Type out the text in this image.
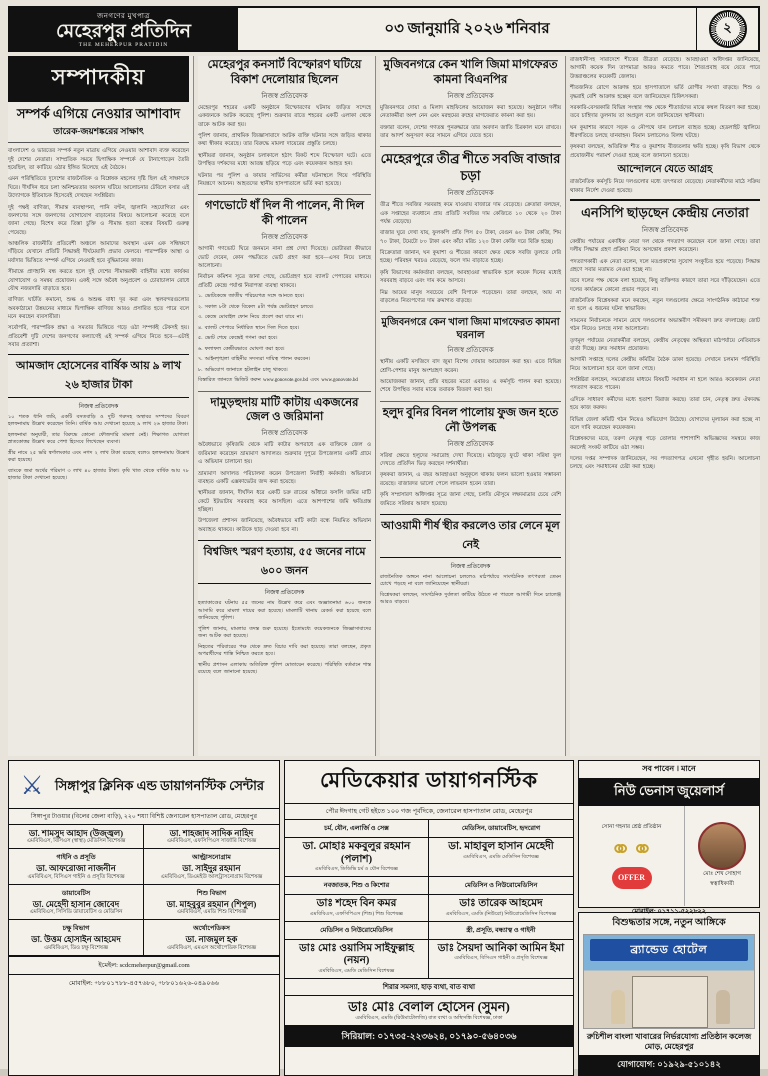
জনগণের মুখপাত্র
মেহেরপুর প্রতিদিন
THE MEHERPUR PRATIDIN
০৩ জানুয়ারি ২০২৬ শনিবার	২
সম্পাদকীয়
সম্পর্ক এগিয়ে নেওয়ার আশাবাদ
তারেক-জয়শঙ্করের সাক্ষাৎ

বাংলাদেশ ও ভারতের সম্পর্ক নতুন মাত্রায় এগিয়ে নেওয়ার আশাবাদ ব্যক্ত করেছেন দুই দেশের নেতারা। সাম্প্রতিক সময়ে দ্বিপাক্ষিক সম্পর্কে যে টানাপোড়েন তৈরি হয়েছিল, তা কাটিয়ে ওঠার ইঙ্গিত মিলেছে এই বৈঠকে।

এমন পরিস্থিতিতে দুদেশের রাজনৈতিক ও বিশ্লেষক মহলের দৃষ্টি ছিল এই সাক্ষাৎকে ঘিরে। দীর্ঘদিন ধরে চলা অনিশ্চয়তার অবসান ঘটিয়ে আলোচনার টেবিলে বসার এই উদ্যোগকে ইতিবাচক হিসেবেই দেখছেন সংশ্লিষ্টরা।

দুই পক্ষই বাণিজ্য, সীমান্ত ব্যবস্থাপনা, পানি বণ্টন, জ্বালানি সহযোগিতা এবং জনগণের সঙ্গে জনগণের যোগাযোগ বাড়ানোর বিষয়ে আলোচনা করেছে বলে জানা গেছে। বিশেষ করে তিস্তা চুক্তি ও সীমান্ত হত্যা বন্ধের বিষয়টি গুরুত্ব পেয়েছে।

আঞ্চলিক রাজনীতি প্রতিবেশী অঞ্চলে আমাদের অবস্থান এমন এক সন্ধিক্ষণে দাঁড়িয়ে যেখানে প্রতিটি সিদ্ধান্তই দীর্ঘমেয়াদি প্রভাব ফেলবে। পারস্পরিক আস্থা ও মর্যাদার ভিত্তিতে সম্পর্ক এগিয়ে নেওয়াই হবে বুদ্ধিমানের কাজ।

সীমান্তে প্রাণহানি বন্ধ করতে হলে দুই দেশের সীমান্তরক্ষী বাহিনীর মধ্যে কার্যকর যোগাযোগ ও সমন্বয় প্রয়োজন। একই সঙ্গে অবৈধ অনুপ্রবেশ ও চোরাচালান রোধে যৌথ নজরদারি বাড়াতে হবে।

বাণিজ্য ঘাটতি কমানো, শুল্ক ও অশুল্ক বাধা দূর করা এবং স্থলবন্দরগুলোর অবকাঠামো উন্নয়নের মাধ্যমে দ্বিপাক্ষিক বাণিজ্য আরও প্রসারিত হতে পারে বলে মনে করছেন ব্যবসায়ীরা।

সর্বোপরি, পারস্পরিক শ্রদ্ধা ও সমতার ভিত্তিতে গড়ে ওঠা সম্পর্কই টেকসই হয়। প্রতিবেশী দুটি দেশের জনগণের কল্যাণেই এই সম্পর্ক এগিয়ে নিতে হবে—এটাই সবার প্রত্যাশা।

আমজাদ হোসেনের বার্ষিক আয় ৯ লাখ ২৬ হাজার টাকা
নিজস্ব প্রতিবেদক

১০ শতক ধানি জমি, একটি বসতবাড়ি ও দুটি গরুসহ অস্থাবর সম্পদের বিবরণ হলফনামায় উল্লেখ করেছেন তিনি। বার্ষিক আয় দেখানো হয়েছে ৯ লাখ ২৬ হাজার টাকা।

হলফনামা অনুযায়ী, তার বিরুদ্ধে কোনো ফৌজদারি মামলা নেই। শিক্ষাগত যোগ্যতা স্নাতকোত্তর উল্লেখ করে পেশা হিসেবে লিখেছেন ব্যবসা।

স্ত্রীর নামে ২৫ ভরি স্বর্ণালংকার এবং নগদ ২ লাখ টাকা রয়েছে বলেও হলফনামায় উল্লেখ করা হয়েছে।

ব্যাংকে জমা অর্থের পরিমাণ ৩ লাখ ৪০ হাজার টাকা। কৃষি খাত থেকে বার্ষিক আয় ৭৮ হাজার টাকা দেখানো হয়েছে।

মেহেরপুর কনসার্ট বিস্ফোরণ ঘটিয়ে বিকাশ দেলোয়ার ছিলেন
নিজস্ব প্রতিবেদক

মেহেরপুর শহরের একটি অনুষ্ঠানে বিস্ফোরণের ঘটনায় জড়িত সন্দেহে একজনকে আটক করেছে পুলিশ। শুক্রবার রাতে শহরের একটি এলাকা থেকে তাকে আটক করা হয়।

পুলিশ জানায়, প্রাথমিক জিজ্ঞাসাবাদে আটক ব্যক্তি ঘটনার সঙ্গে জড়িত থাকার কথা স্বীকার করেছে। তার বিরুদ্ধে মামলা দায়েরের প্রস্তুতি চলছে।

স্থানীয়রা জানান, অনুষ্ঠান চলাকালে হঠাৎ বিকট শব্দে বিস্ফোরণ ঘটে। এতে উপস্থিত দর্শকদের মধ্যে আতঙ্ক ছড়িয়ে পড়ে এবং কয়েকজন আহত হন।

ঘটনার পর পুলিশ ও ফায়ার সার্ভিসের কর্মীরা ঘটনাস্থলে গিয়ে পরিস্থিতি নিয়ন্ত্রণে আনেন। আহতদের স্থানীয় হাসপাতালে ভর্তি করা হয়েছে।

গণভোটে ধাঁ দিল নী পালেন, নী দিল কী পালেন
নিজস্ব প্রতিবেদক

আগামী গণভোট ঘিরে জনমনে নানা প্রশ্ন দেখা দিয়েছে। ভোটাররা কীভাবে ভোট দেবেন, কোন পদ্ধতিতে ভোট গ্রহণ করা হবে—এসব নিয়ে চলছে আলোচনা।

নির্বাচন কমিশন সূত্রে জানা গেছে, ভোটগ্রহণ হবে ব্যালট পেপারের মাধ্যমে। প্রতিটি কেন্দ্রে পর্যাপ্ত নিরাপত্তা ব্যবস্থা থাকবে।

১. ভোটকেন্দ্রে জাতীয় পরিচয়পত্র সঙ্গে আনতে হবে।

২. সকাল ৮টা থেকে বিকেল ৪টা পর্যন্ত ভোটগ্রহণ চলবে।

৩. কেন্দ্রে মোবাইল ফোন নিয়ে প্রবেশ করা যাবে না।

৪. ব্যালট পেপারে নির্ধারিত স্থানে সিল দিতে হবে।

৫. ভোট শেষে কেন্দ্রেই গণনা করা হবে।

৬. ফলাফল কেন্দ্রীয়ভাবে ঘোষণা করা হবে।

৭. আইনশৃঙ্খলা বাহিনীর সদস্যরা দায়িত্ব পালন করবেন।

৮. অভিযোগ জানাতে হটলাইন চালু থাকবে।

বিস্তারিত জানতে ভিজিট করুন www.gonovote.gov.bd এবং www.gonovote.bd

দামুড়হুদায় মাটি কাটায় একজনের জেল ও জরিমানা
নিজস্ব প্রতিবেদক

অবৈধভাবে কৃষিজমি থেকে মাটি কাটার অপরাধে এক ব্যক্তিকে জেল ও জরিমানা করেছেন ভ্রাম্যমাণ আদালত। শুক্রবার দুপুরে উপজেলার একটি গ্রামে এ অভিযান চালানো হয়।

ভ্রাম্যমাণ আদালত পরিচালনা করেন উপজেলা নির্বাহী কর্মকর্তা। অভিযানে ব্যবহৃত একটি এক্সকাভেটর জব্দ করা হয়েছে।

স্থানীয়রা জানান, দীর্ঘদিন ধরে একটি চক্র রাতের আঁধারে ফসলি জমির মাটি কেটে ইটভাটায় সরবরাহ করে আসছিল। এতে আশপাশের জমি ক্ষতিগ্রস্ত হচ্ছিল।

উপজেলা প্রশাসন জানিয়েছে, অবৈধভাবে মাটি কাটা বন্ধে নিয়মিত অভিযান অব্যাহত থাকবে। কাউকে ছাড় দেওয়া হবে না।

বিশ্বজিৎ স্মরণ হত্যায়, ৫৫ জনের নামে ৬০০ জনন
নিজস্ব প্রতিবেদক

হত্যাকাণ্ডের ঘটনায় ৫৫ জনের নাম উল্লেখ করে এবং অজ্ঞাতনামা ৬০০ জনকে আসামি করে মামলা দায়ের করা হয়েছে। মামলাটি থানায় রেকর্ড করা হয়েছে বলে জানিয়েছে পুলিশ।

পুলিশ জানায়, মামলার তদন্ত শুরু হয়েছে। ইতোমধ্যে কয়েকজনকে জিজ্ঞাসাবাদের জন্য আটক করা হয়েছে।

নিহতের পরিবারের পক্ষ থেকে দ্রুত বিচার দাবি করা হয়েছে। তারা বলছেন, প্রকৃত অপরাধীদের শাস্তি নিশ্চিত করতে হবে।

স্থানীয় প্রশাসন এলাকায় অতিরিক্ত পুলিশ মোতায়েন করেছে। পরিস্থিতি বর্তমানে শান্ত রয়েছে বলে জানানো হয়েছে।

মুজিবনগরে কেন খালি জিমা মাগফেরত কামনা বিএনপির
নিজস্ব প্রতিবেদক

মুজিবনগরে দোয়া ও মিলাদ মাহফিলের আয়োজন করা হয়েছে। অনুষ্ঠানে দলীয় নেতাকর্মীরা অংশ নেন এবং মরহুমের রুহের মাগফেরাত কামনা করা হয়।

বক্তারা বলেন, দেশের গণতন্ত্র পুনরুদ্ধারে তার অবদান জাতি চিরকাল মনে রাখবে। তার আদর্শ অনুসরণ করে সামনে এগিয়ে যেতে হবে।

মেহেরপুরে তীব্র শীতে সবজি বাজার চড়া
নিজস্ব প্রতিবেদক

তীব্র শীতে সবজির সরবরাহ কমে যাওয়ায় বাজারে দাম বেড়েছে। ক্রেতারা বলছেন, এক সপ্তাহের ব্যবধানে প্রায় প্রতিটি সবজির দাম কেজিতে ১০ থেকে ২০ টাকা পর্যন্ত বেড়েছে।

বাজার ঘুরে দেখা যায়, ফুলকপি প্রতি পিস ৫০ টাকা, বেগুন ৬০ টাকা কেজি, শিম ৭০ টাকা, টমেটো ৮০ টাকা এবং কাঁচা মরিচ ১২০ টাকা কেজি দরে বিক্রি হচ্ছে।

বিক্রেতারা জানান, ঘন কুয়াশা ও শীতের কারণে ক্ষেত থেকে সবজি তুলতে দেরি হচ্ছে। পরিবহন খরচও বেড়েছে, ফলে দাম বাড়াতে হচ্ছে।

কৃষি বিভাগের কর্মকর্তারা বলছেন, আবহাওয়া স্বাভাবিক হলে কয়েক দিনের মধ্যেই সরবরাহ বাড়বে এবং দাম কমে আসবে।

নিম্ন আয়ের মানুষ সবচেয়ে বেশি বিপাকে পড়েছেন। তারা বলছেন, আয় না বাড়লেও নিত্যপণ্যের দাম ক্রমাগত বাড়ছে।

মুজিবনগরে কেন খালা জিমা মাগফেরত কামনা ঘরনাল
নিজস্ব প্রতিবেদক

স্থানীয় একটি মসজিদে বাদ জুমা বিশেষ দোয়ার আয়োজন করা হয়। এতে বিভিন্ন শ্রেণি-পেশার মানুষ অংশগ্রহণ করেন।

আয়োজকরা জানান, প্রতি বছরের মতো এবারও এ কর্মসূচি পালন করা হয়েছে। শেষে উপস্থিত সবার মাঝে তবারক বিতরণ করা হয়।

হলুদ বুনির বিনল পালোয় ফুজ জন হতে নৌ উপলব্ধ
নিজস্ব প্রতিবেদক

সরিষা ক্ষেতে হলুদের সমারোহ দেখা দিয়েছে। মাঠজুড়ে ফুটে থাকা সরিষা ফুল দেখতে প্রতিদিন ভিড় করছেন দর্শনার্থীরা।

কৃষকরা জানান, এ বছর আবহাওয়া অনুকূলে থাকায় ফলন ভালো হওয়ার সম্ভাবনা রয়েছে। বাজারদর ভালো পেলে লাভবান হবেন তারা।

কৃষি সম্প্রসারণ অধিদপ্তর সূত্রে জানা গেছে, চলতি মৌসুমে লক্ষ্যমাত্রার চেয়ে বেশি জমিতে সরিষার আবাদ হয়েছে।

আওয়ামী শীর্ষ স্থীর করলেও তার লেনে মূল নেই
নিজস্ব প্রতিবেদক

রাজনৈতিক অঙ্গনে নানা আলোচনা চললেও মাঠপর্যায়ে সাংগঠনিক তৎপরতা তেমন চোখে পড়ছে না বলে জানিয়েছেন স্থানীয়রা।

বিশ্লেষকরা বলছেন, সাংগঠনিক দুর্বলতা কাটিয়ে উঠতে না পারলে আগামী দিনে চ্যালেঞ্জ আরও বাড়বে।

রাজধানীসহ সারাদেশে শীতের তীব্রতা বেড়েছে। আবহাওয়া অধিদপ্তর জানিয়েছে, আগামী কয়েক দিন তাপমাত্রা আরও কমতে পারে। শৈত্যপ্রবাহ বয়ে যেতে পারে উত্তরাঞ্চলের কয়েকটি জেলায়।

শীতজনিত রোগে আক্রান্ত হয়ে হাসপাতালে ভর্তি রোগীর সংখ্যা বাড়ছে। শিশু ও বৃদ্ধরাই বেশি আক্রান্ত হচ্ছেন বলে জানিয়েছেন চিকিৎসকরা।

সরকারি-বেসরকারি বিভিন্ন সংস্থার পক্ষ থেকে শীতার্তদের মাঝে কম্বল বিতরণ করা হচ্ছে। তবে চাহিদার তুলনায় তা অপ্রতুল বলে জানিয়েছেন স্থানীয়রা।

ঘন কুয়াশার কারণে সড়ক ও নৌপথে যান চলাচল ব্যাহত হচ্ছে। হেডলাইট জ্বালিয়ে ধীরগতিতে চলছে যানবাহন। বিমান চলাচলেও বিলম্ব ঘটছে।

কৃষকরা বলছেন, অতিরিক্ত শীত ও কুয়াশায় বীজতলার ক্ষতি হচ্ছে। কৃষি বিভাগ থেকে প্রয়োজনীয় পরামর্শ দেওয়া হচ্ছে বলে জানানো হয়েছে।

আন্দোলনে যেতে আগ্রহ

রাজনৈতিক কর্মসূচি নিয়ে দলগুলোর মধ্যে তৎপরতা বেড়েছে। নেতাকর্মীদের মাঠে সক্রিয় থাকার নির্দেশ দেওয়া হয়েছে।

এনসিপি ছাড়ছেন কেন্দ্রীয় নেতারা
নিজস্ব প্রতিবেদক

কেন্দ্রীয় পর্যায়ের একাধিক নেতা দল থেকে পদত্যাগ করেছেন বলে জানা গেছে। তারা দলীয় সিদ্ধান্ত গ্রহণ প্রক্রিয়া নিয়ে অসন্তোষ প্রকাশ করেছেন।

পদত্যাগকারী এক নেতা বলেন, দলে মতপ্রকাশের সুযোগ সংকুচিত হয়ে পড়েছে। সিদ্ধান্ত গ্রহণে সবার মতামত নেওয়া হচ্ছে না।

তবে দলের পক্ষ থেকে বলা হয়েছে, কিছু ব্যক্তিগত কারণে তারা সরে দাঁড়িয়েছেন। এতে দলের কার্যক্রমে কোনো প্রভাব পড়বে না।

রাজনৈতিক বিশ্লেষকরা মনে করছেন, নতুন দলগুলোর ক্ষেত্রে সাংগঠনিক কাঠামো শক্ত না হলে এ ধরনের ঘটনা স্বাভাবিক।

সামনের নির্বাচনকে সামনে রেখে দলগুলোর অভ্যন্তরীণ সমীকরণ দ্রুত বদলাচ্ছে। জোট গঠন নিয়েও চলছে নানা আলোচনা।

তৃণমূল পর্যায়ের নেতাকর্মীরা বলছেন, কেন্দ্রীয় নেতৃত্বের অস্থিরতা মাঠপর্যায়ে নেতিবাচক বার্তা দিচ্ছে। দ্রুত সমাধান প্রয়োজন।

আগামী সপ্তাহে দলের কেন্দ্রীয় কমিটির বৈঠক ডাকা হয়েছে। সেখানে চলমান পরিস্থিতি নিয়ে আলোচনা হবে বলে জানা গেছে।

সংশ্লিষ্টরা বলছেন, সমঝোতার মাধ্যমে বিষয়টি সমাধান না হলে আরও কয়েকজন নেতা পদত্যাগ করতে পারেন।

এদিকে সাধারণ কর্মীদের মধ্যে হতাশা বিরাজ করছে। তারা চান, নেতৃত্ব দ্রুত ঐক্যবদ্ধ হয়ে কাজ করুক।

বিভিন্ন জেলা কমিটি গঠন নিয়েও অভিযোগ উঠেছে। যোগ্যদের মূল্যায়ন করা হচ্ছে না বলে দাবি করেছেন কয়েকজন।

বিশ্লেষকদের মতে, তরুণ নেতৃত্ব গড়ে তোলার পাশাপাশি অভিজ্ঞদের সমন্বয়ে কাজ করলেই সংকট কাটিয়ে ওঠা সম্ভব।

দলের দপ্তর সম্পাদক জানিয়েছেন, সব পদত্যাগপত্র এখনো গৃহীত হয়নি। আলোচনা চলছে এবং সমাধানের চেষ্টা করা হচ্ছে।

⚔ সিঙ্গাপুর ক্লিনিক এন্ড ডায়াগনস্টিক সেন্টার
সিঙ্গাপুর টাওয়ার (বিলের জেলা বাড়ি), ২২০ শয্যা বিশিষ্ট জেনারেল হাসপাতাল রোড, মেহেরপুর
ডা. শামসুদ আহাদ (উজ্জ্বল)
এমবিবিএস, বিসিএস (স্বাস্থ্য) মেডিসিন বিশেষজ্ঞ
ডা. শাহজাদ সাদিক নাহিদ
এমবিবিএস, এফসিপিএস সার্জারি বিশেষজ্ঞ
গাইনি ও প্রসূতি
ডা. আফরোজা নাজনীন
এমবিবিএস, বিসিএস গাইনি ও প্রসূতি বিশেষজ্ঞ
আল্ট্রাসনোগ্রাম
ডা. সাইদুর রহমান
এমবিবিএস, ডিএমইউ আলট্রাসনোগ্রাম বিশেষজ্ঞ
ডায়াবেটিস
ডা. মেহেদী হাসান জোবেদ
এমবিবিএস, সিসিডি ডায়াবেটিস ও মেডিসিন
শিশু বিভাগ
ডা. মাহবুবুর রহমান (শিপুল)
এমবিবিএস, এমডি শিশু বিশেষজ্ঞ
চক্ষু বিভাগ
ডা. উত্তম হোসাইন আহমেদ
এমবিবিএস, ডিও চক্ষু বিশেষজ্ঞ
অর্থোপেডিকস
ডা. নাজমুল হক
এমবিবিএস, এমএস অর্থোপেডিক বিশেষজ্ঞ
ইমেইল: scdcmeherpur@gmail.com
মোবাইল: +৮৮০১৭৮৮-৪৫৭৬৮০, +৮৮০১৬২৬-০৪৯০৬৬
মেডিকেয়ার ডায়াগনস্টিক
পৌর ঈদগাহ গেট হইতে ১০০ গজ পূর্বদিকে, জেনারেল হাসপাতাল রোড, মেহেরপুর
চর্ম, যৌন, এলার্জি ও সেক্স	মেডিসিন, ডায়াবেটিস, হৃদরোগ
ডা. মোহাঃ মকবুলুর রহমান (পলাশ)
এমবিবিএস, ডিডিভি চর্ম ও যৌন বিশেষজ্ঞ
ডা. মাহাবুল হাসান মেহেদী
এমবিবিএস, এমডি মেডিসিন বিশেষজ্ঞ
নবজাতক, শিশু ও কিশোর	মেডিসিন ও নিউরোমেডিসিন
ডাঃ শহেদ বিন কমর
এমবিবিএস, এফসিপিএস (শিশু) শিশু বিশেষজ্ঞ
ডাঃ তারেক আহমেদ
এমবিবিএস, এমডি (নিউরো) নিউরোমেডিসিন বিশেষজ্ঞ
মেডিসিন ও নিউরোমেডিসিন	স্ত্রী, প্রসূতি, বন্ধ্যাত্ব ও গাইনী
ডাঃ মোঃ ওয়াসিম সাইফুল্লাহ (নয়ন)
এমবিবিএস, এমডি মেডিসিন বিশেষজ্ঞ
ডাঃ সৈয়দা আনিকা আমিন ইমা
এমবিবিএস, বিসিএস গাইনী ও প্রসূতি বিশেষজ্ঞ
শিরার সমস্যা, হাড় ব্যথা, বাত ব্যথা
ডাঃ মোঃ বেলাল হোসেন (সুমন)
এমবিবিএস, এমডি (রিউমাটোলজি) বাত ব্যথা ও অস্থিসন্ধি বিশেষজ্ঞ, ঢাকা
সিরিয়াল: ০১৭৩৫-২২৩৬২৪, ০১৭৯০-৫৬৪০৩৬
সব পাবেন । মানে
নিউ ভেনাস জুয়েলার্স
সোনা গহনার শ্রেষ্ঠ প্রতিষ্ঠান
⚭⚭
OFFER	মোঃ শেখ সোহাগ
স্বত্বাধিকারী
মোবাইল: ০১৭১১-৫২২৮২২
বিশুদ্ধতার সঙ্গে, নতুন আঙ্গিকে
ব্র্যান্ডেড হোটেল
রুচিশীল বাংলা খাবারের নির্ভরযোগ্য প্রতিষ্ঠান কলেজ মোড়, মেহেরপুর
যোগাযোগ: ০১৯২৯-৫১০১৪২
